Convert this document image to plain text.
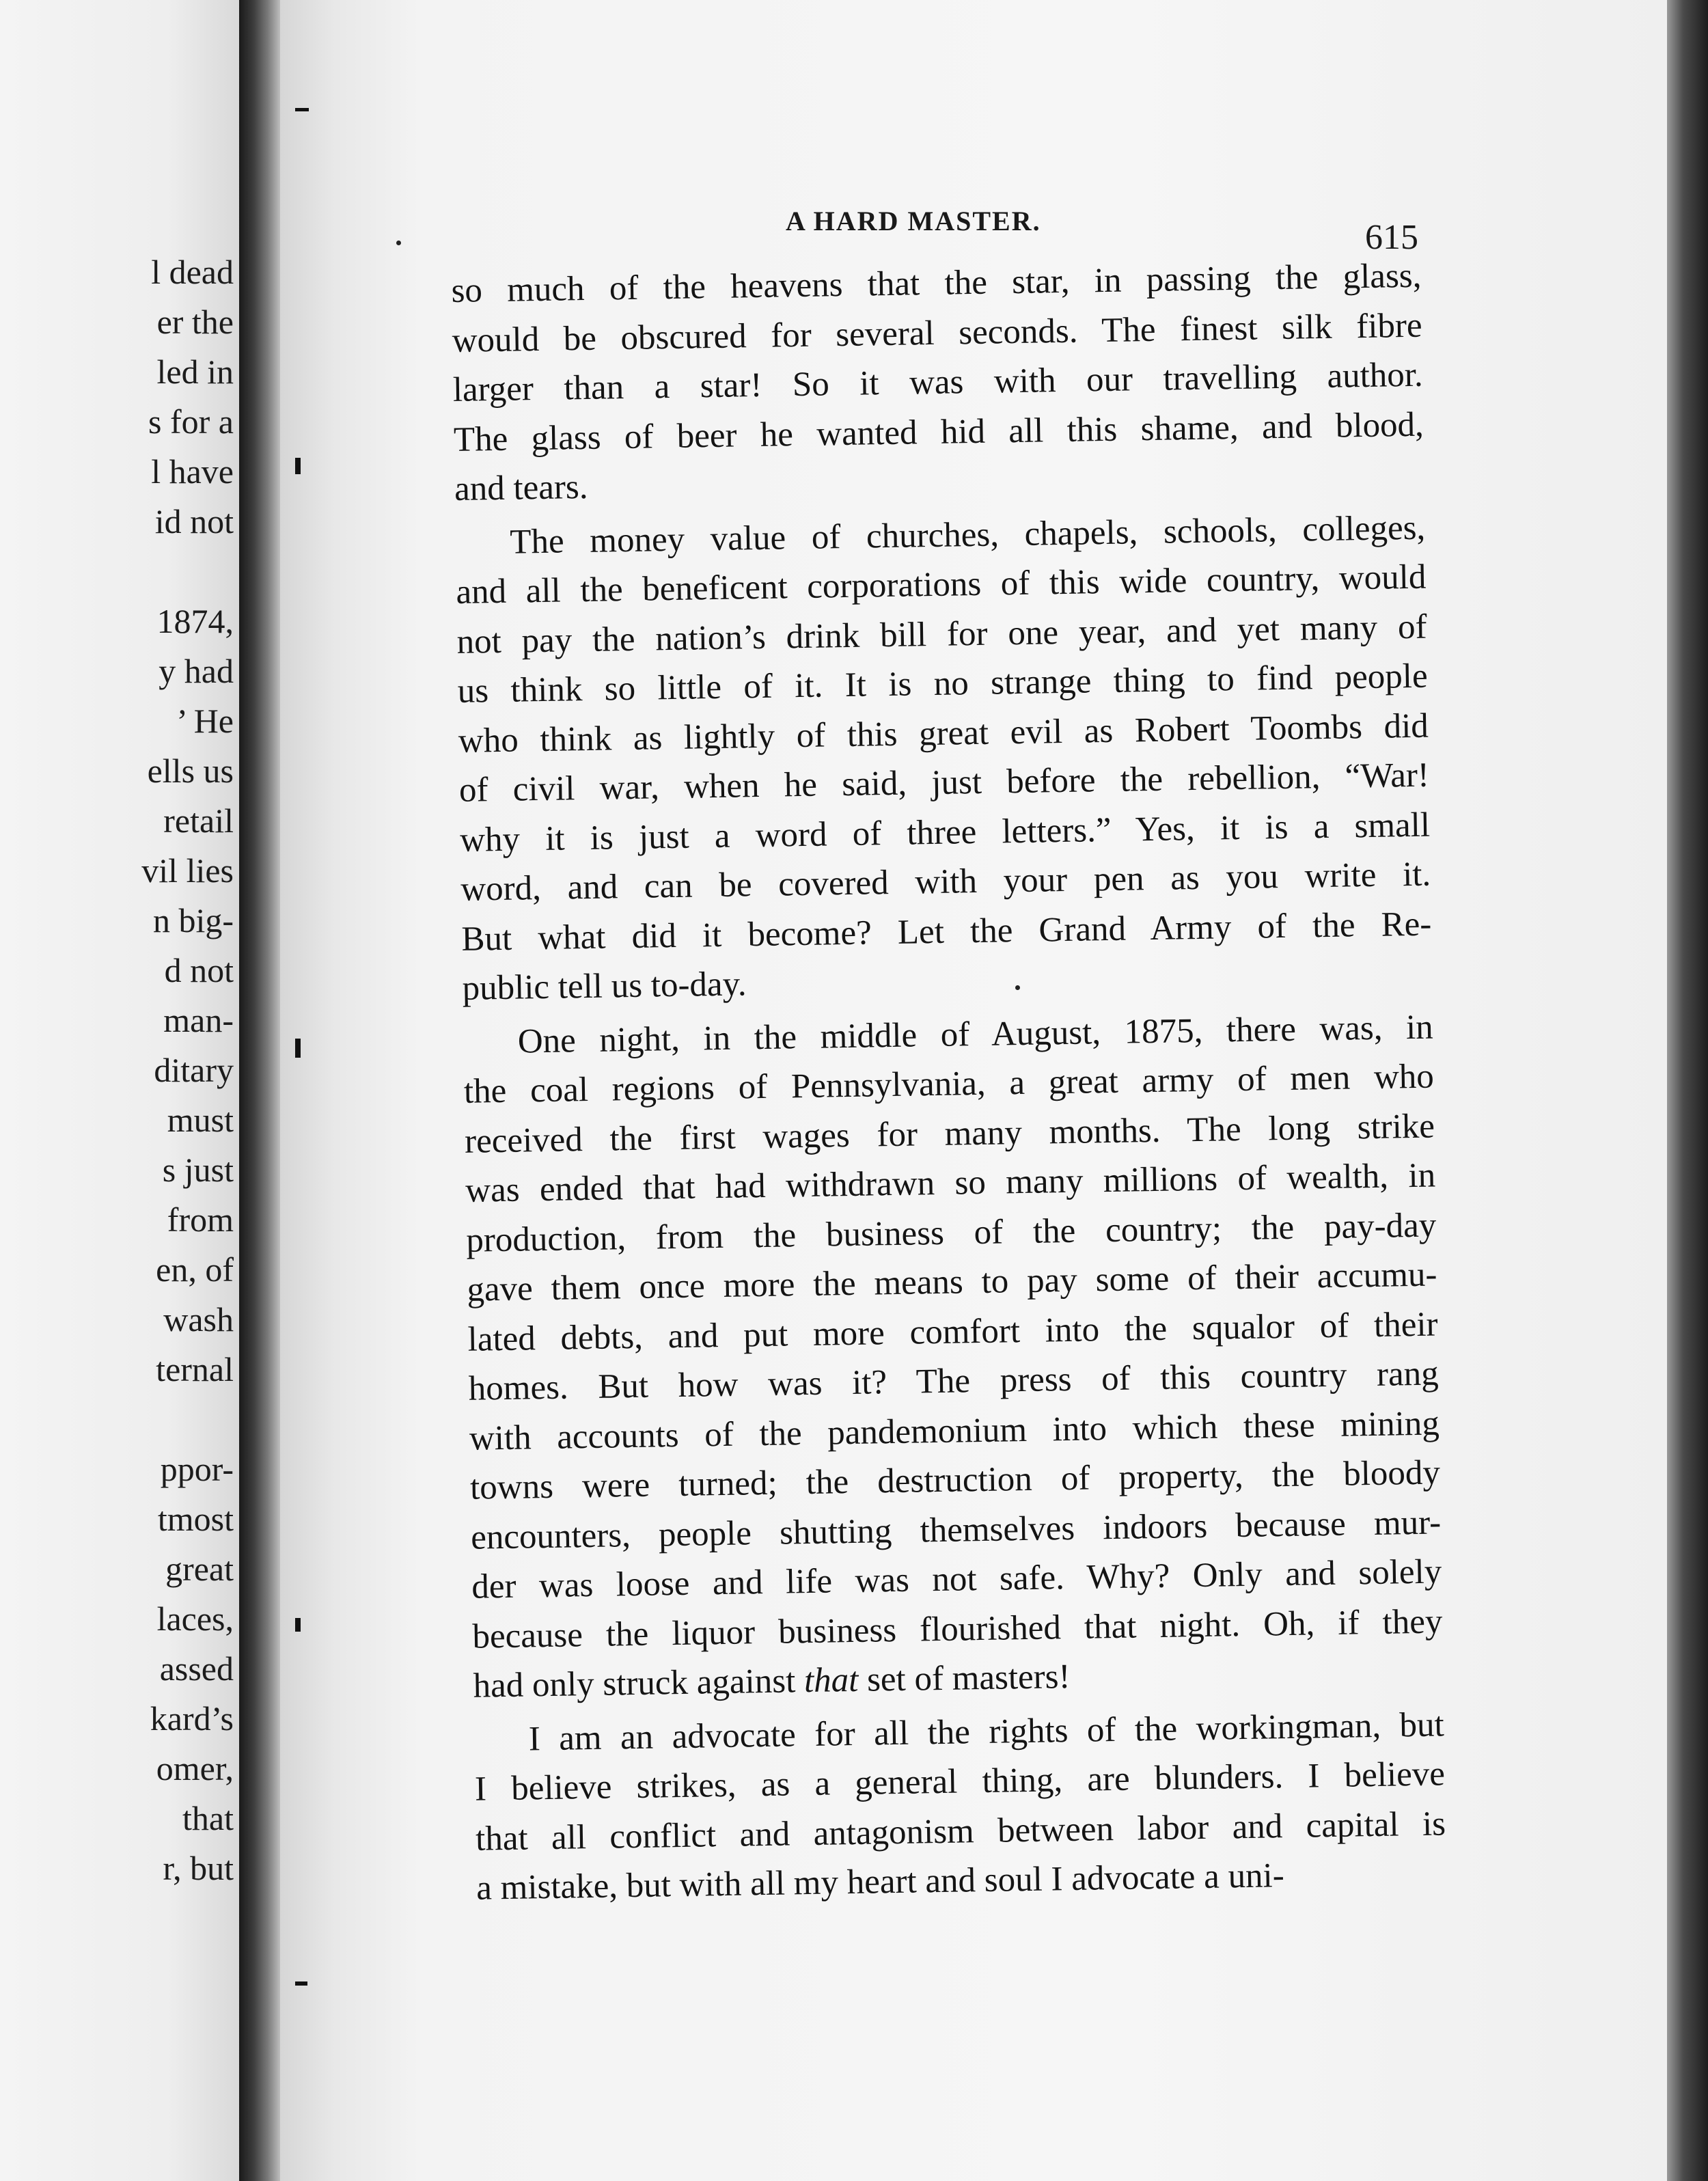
l dead
er the
led in
s for a
l have
id not
1874,
y had
’ He
ells us
retail
vil lies
n big-
d not
man-
ditary
must
s just
from
en, of
wash
ternal
ppor-
tmost
great
laces,
assed
kard’s
omer,
that
r, but
A HARD MASTER.	615
so much of the heavens that the star, in passing the glass,
would be obscured for several seconds. The finest silk fibre
larger than a star! So it was with our travelling author.
The glass of beer he wanted hid all this shame, and blood,
and tears.
The money value of churches, chapels, schools, colleges,
and all the beneficent corporations of this wide country, would
not pay the nation’s drink bill for one year, and yet many of
us think so little of it. It is no strange thing to find people
who think as lightly of this great evil as Robert Toombs did
of civil war, when he said, just before the rebellion, “War!
why it is just a word of three letters.” Yes, it is a small
word, and can be covered with your pen as you write it.
But what did it become? Let the Grand Army of the Re-
public tell us to-day.
One night, in the middle of August, 1875, there was, in
the coal regions of Pennsylvania, a great army of men who
received the first wages for many months. The long strike
was ended that had withdrawn so many millions of wealth, in
production, from the business of the country; the pay-day
gave them once more the means to pay some of their accumu-
lated debts, and put more comfort into the squalor of their
homes. But how was it? The press of this country rang
with accounts of the pandemonium into which these mining
towns were turned; the destruction of property, the bloody
encounters, people shutting themselves indoors because mur-
der was loose and life was not safe. Why? Only and solely
because the liquor business flourished that night. Oh, if they
had only struck against that set of masters!
I am an advocate for all the rights of the workingman, but
I believe strikes, as a general thing, are blunders. I believe
that all conflict and antagonism between labor and capital is
a mistake, but with all my heart and soul I advocate a uni-
